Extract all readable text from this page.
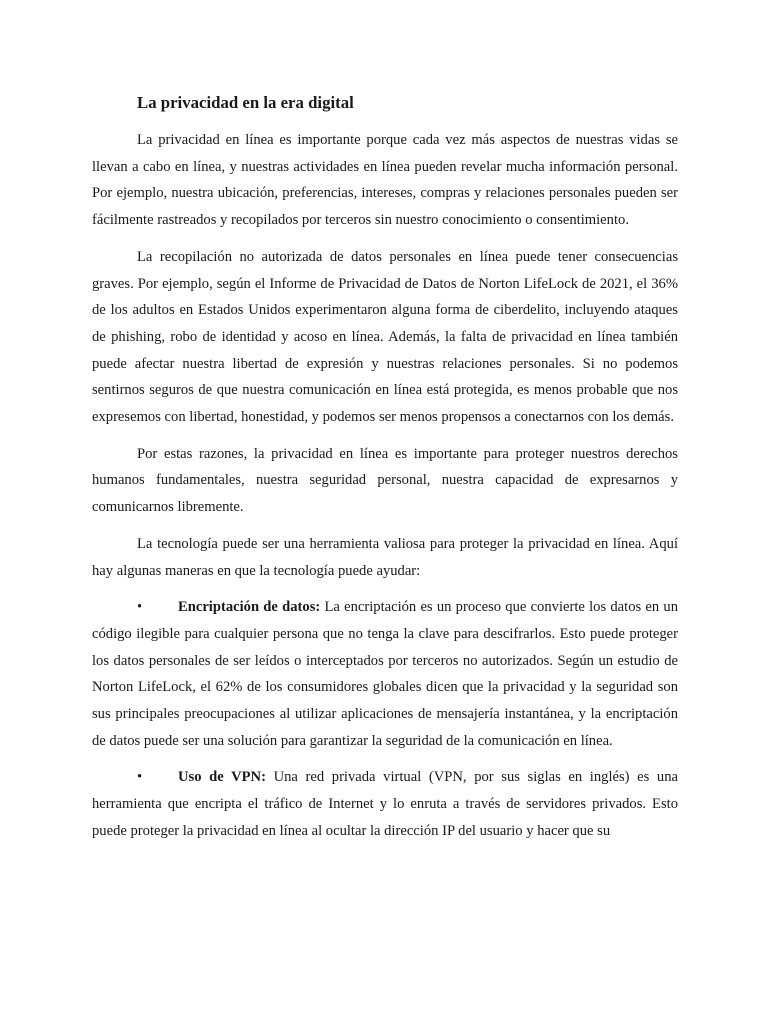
La privacidad en la era digital

La privacidad en línea es importante porque cada vez más aspectos de nuestras vidas se llevan a cabo en línea, y nuestras actividades en línea pueden revelar mucha información personal. Por ejemplo, nuestra ubicación, preferencias, intereses, compras y relaciones personales pueden ser fácilmente rastreados y recopilados por terceros sin nuestro conocimiento o consentimiento.

La recopilación no autorizada de datos personales en línea puede tener consecuencias graves. Por ejemplo, según el Informe de Privacidad de Datos de Norton LifeLock de 2021, el 36% de los adultos en Estados Unidos experimentaron alguna forma de ciberdelito, incluyendo ataques de phishing, robo de identidad y acoso en línea. Además, la falta de privacidad en línea también puede afectar nuestra libertad de expresión y nuestras relaciones personales. Si no podemos sentirnos seguros de que nuestra comunicación en línea está protegida, es menos probable que nos expresemos con libertad, honestidad, y podemos ser menos propensos a conectarnos con los demás.

Por estas razones, la privacidad en línea es importante para proteger nuestros derechos humanos fundamentales, nuestra seguridad personal, nuestra capacidad de expresarnos y comunicarnos libremente.

La tecnología puede ser una herramienta valiosa para proteger la privacidad en línea. Aquí hay algunas maneras en que la tecnología puede ayudar:

• Encriptación de datos: La encriptación es un proceso que convierte los datos en un código ilegible para cualquier persona que no tenga la clave para descifrarlos. Esto puede proteger los datos personales de ser leídos o interceptados por terceros no autorizados. Según un estudio de Norton LifeLock, el 62% de los consumidores globales dicen que la privacidad y la seguridad son sus principales preocupaciones al utilizar aplicaciones de mensajería instantánea, y la encriptación de datos puede ser una solución para garantizar la seguridad de la comunicación en línea.

• Uso de VPN: Una red privada virtual (VPN, por sus siglas en inglés) es una herramienta que encripta el tráfico de Internet y lo enruta a través de servidores privados. Esto puede proteger la privacidad en línea al ocultar la dirección IP del usuario y hacer que su
